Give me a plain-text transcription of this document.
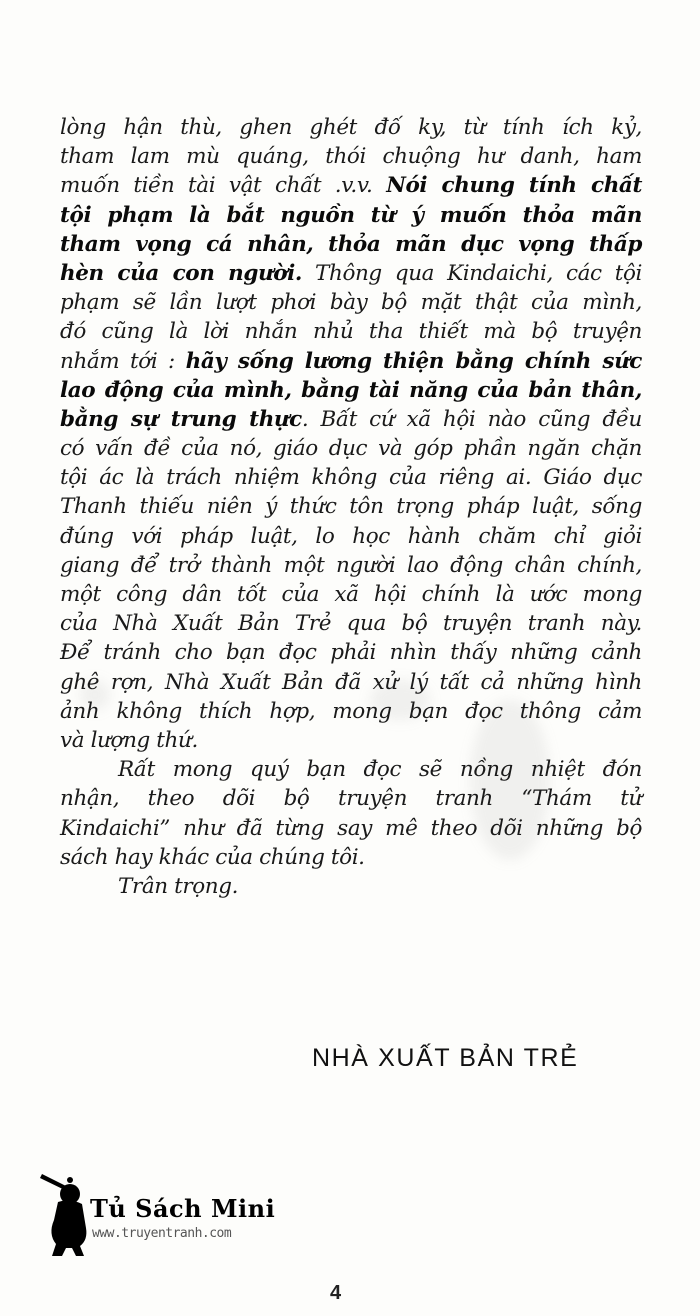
lòng hận thù, ghen ghét đố ky, từ tính ích kỷ,
tham lam mù quáng, thói chuộng hư danh, ham
muốn tiền tài vật chất .v.v. Nói chung tính chất
tội phạm là bắt nguồn từ ý muốn thỏa mãn
tham vọng cá nhân, thỏa mãn dục vọng thấp
hèn của con người. Thông qua Kindaichi, các tội
phạm sẽ lần lượt phơi bày bộ mặt thật của mình,
đó cũng là lời nhắn nhủ tha thiết mà bộ truyện
nhắm tới : hãy sống lương thiện bằng chính sức
lao động của mình, bằng tài năng của bản thân,
bằng sự trung thực. Bất cứ xã hội nào cũng đều
có vấn đề của nó, giáo dục và góp phần ngăn chặn
tội ác là trách nhiệm không của riêng ai. Giáo dục
Thanh thiếu niên ý thức tôn trọng pháp luật, sống
đúng với pháp luật, lo học hành chăm chỉ giỏi
giang để trở thành một người lao động chân chính,
một công dân tốt của xã hội chính là ước mong
của Nhà Xuất Bản Trẻ qua bộ truyện tranh này.
Để tránh cho bạn đọc phải nhìn thấy những cảnh
ghê rợn, Nhà Xuất Bản đã xử lý tất cả những hình
ảnh không thích hợp, mong bạn đọc thông cảm
và lượng thứ.
Rất mong quý bạn đọc sẽ nồng nhiệt đón
nhận, theo dõi bộ truyện tranh “Thám tử
Kindaichi” như đã từng say mê theo dõi những bộ
sách hay khác của chúng tôi.
Trân trọng.
NHÀ XUẤT BẢN TRẺ
Tủ Sách Mini
www.truyentranh.com
4
